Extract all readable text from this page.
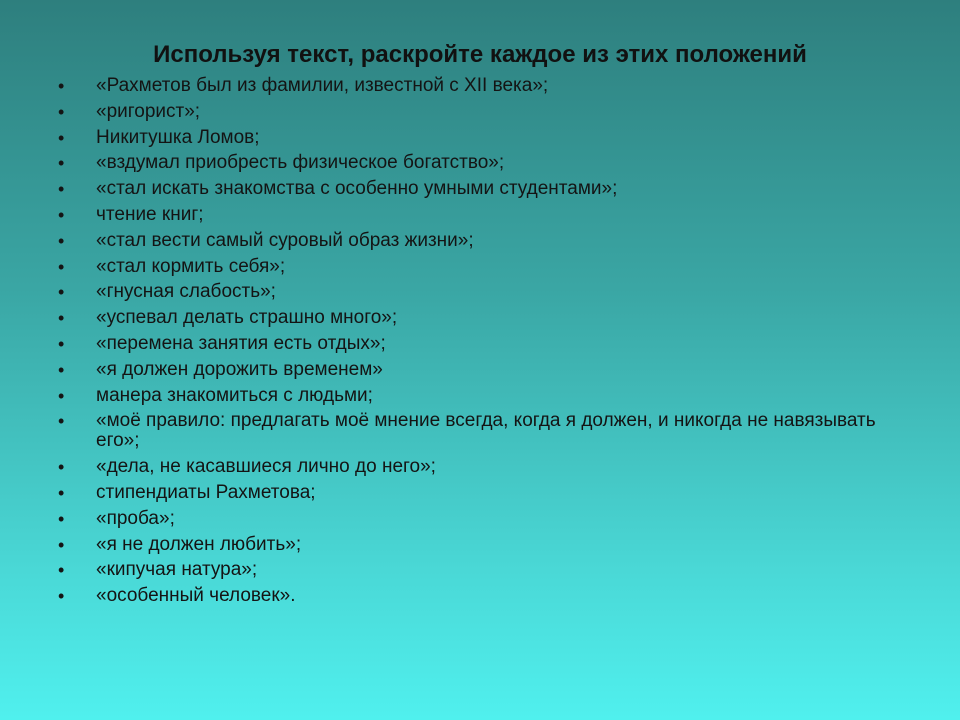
Используя текст, раскройте каждое из этих положений
• «Рахметов был из фамилии, известной с XII века»;
• «ригорист»;
• Никитушка Ломов;
• «вздумал приобресть физическое богатство»;
• «стал искать знакомства с особенно умными студентами»;
• чтение книг;
• «стал вести самый суровый образ жизни»;
• «стал кормить себя»;
• «гнусная слабость»;
• «успевал делать страшно много»;
• «перемена занятия есть отдых»;
• «я должен дорожить временем»
• манера знакомиться с людьми;
• «моё правило: предлагать моё мнение всегда, когда я должен, и никогда не навязывать его»;
• «дела, не касавшиеся лично до него»;
• стипендиаты Рахметова;
• «проба»;
• «я не должен любить»;
• «кипучая натура»;
• «особенный человек».
